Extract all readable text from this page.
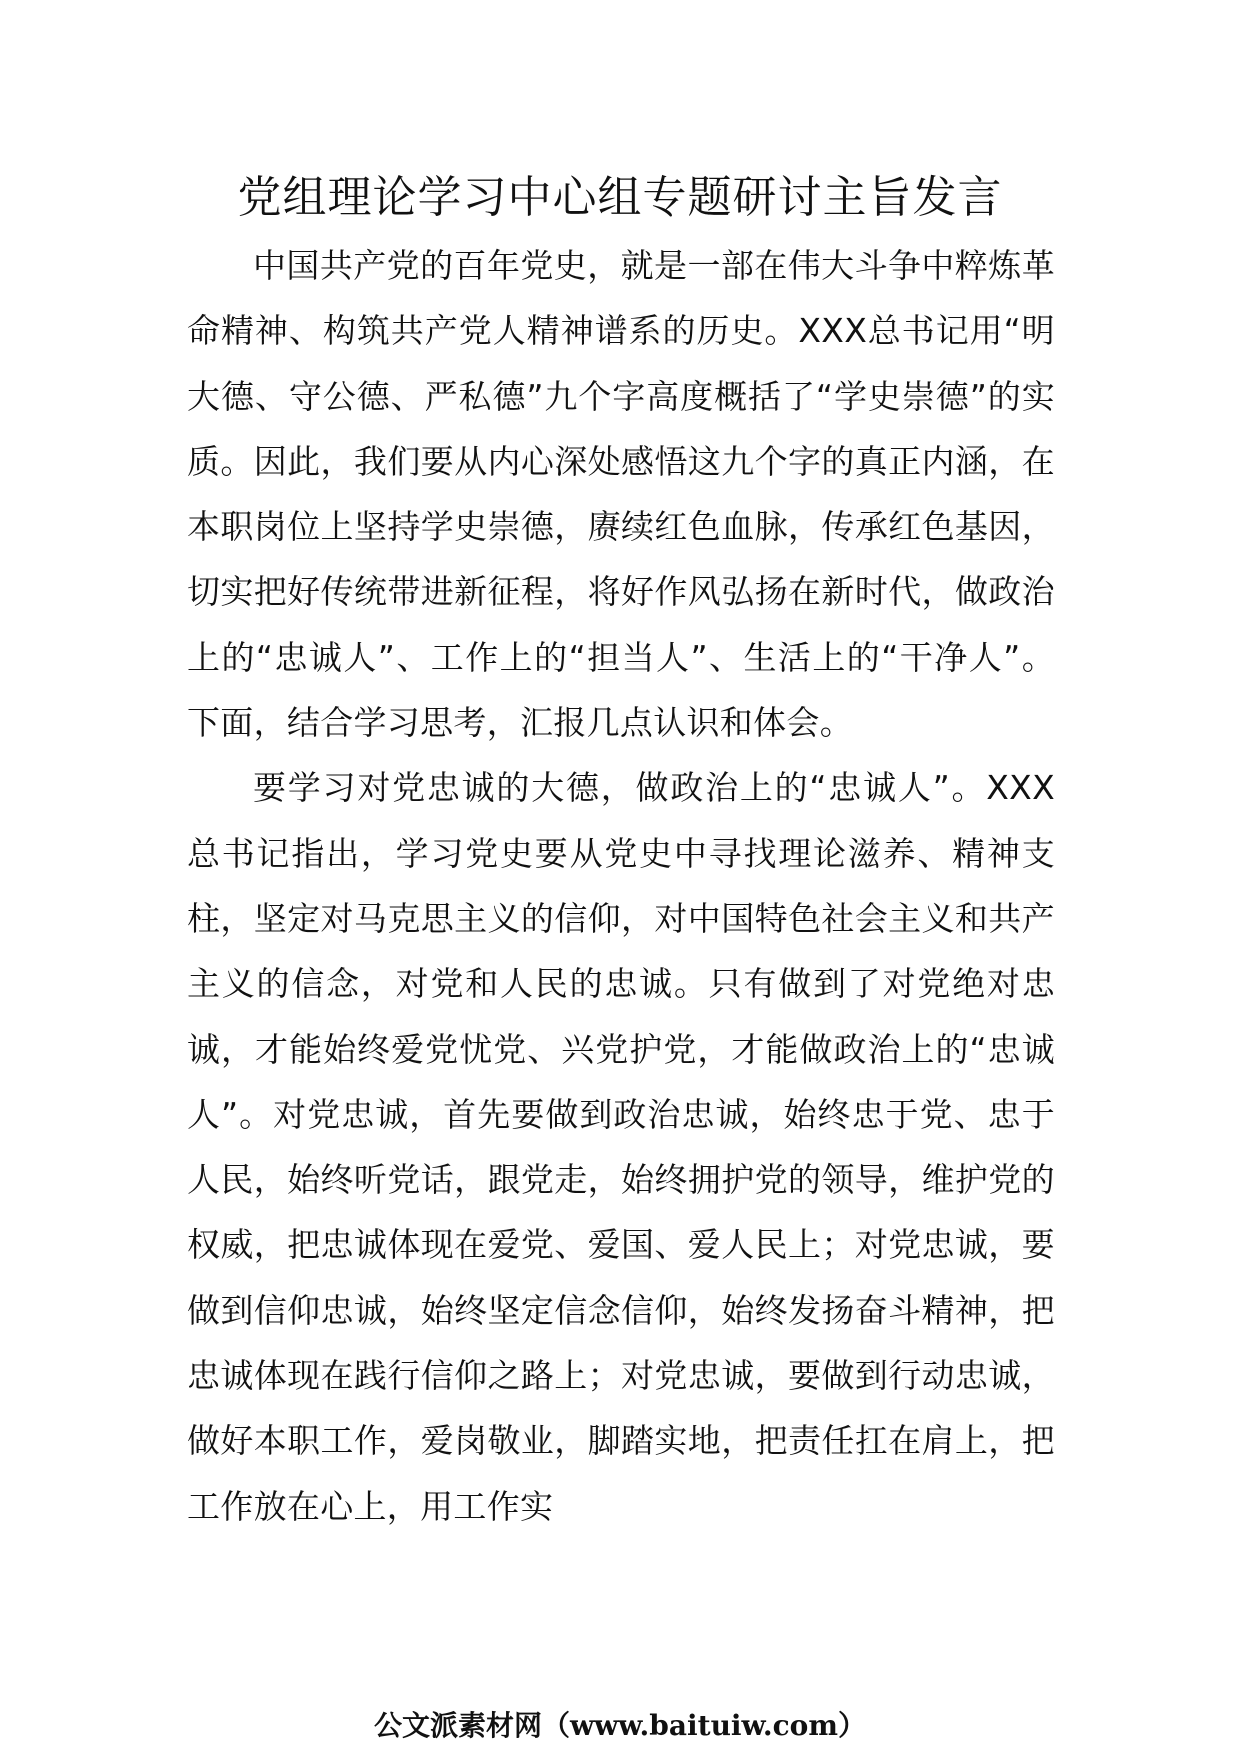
党组理论学习中心组专题研讨主旨发言

中国共产党的百年党史，就是一部在伟大斗争中粹炼革命精神、构筑共产党人精神谱系的历史。XXX总书记用“明大德、守公德、严私德”九个字高度概括了“学史崇德”的实质。因此，我们要从内心深处感悟这九个字的真正内涵，在本职岗位上坚持学史崇德，赓续红色血脉，传承红色基因，切实把好传统带进新征程，将好作风弘扬在新时代，做政治上的“忠诚人”、工作上的“担当人”、生活上的“干净人”。下面，结合学习思考，汇报几点认识和体会。

要学习对党忠诚的大德，做政治上的“忠诚人”。XXX总书记指出，学习党史要从党史中寻找理论滋养、精神支柱，坚定对马克思主义的信仰，对中国特色社会主义和共产主义的信念，对党和人民的忠诚。只有做到了对党绝对忠诚，才能始终爱党忧党、兴党护党，才能做政治上的“忠诚人”。对党忠诚，首先要做到政治忠诚，始终忠于党、忠于人民，始终听党话，跟党走，始终拥护党的领导，维护党的权威，把忠诚体现在爱党、爱国、爱人民上；对党忠诚，要做到信仰忠诚，始终坚定信念信仰，始终发扬奋斗精神，把忠诚体现在践行信仰之路上；对党忠诚，要做到行动忠诚，做好本职工作，爱岗敬业，脚踏实地，把责任扛在肩上，把工作放在心上，用工作实

公文派素材网（www.baituiw.com）
